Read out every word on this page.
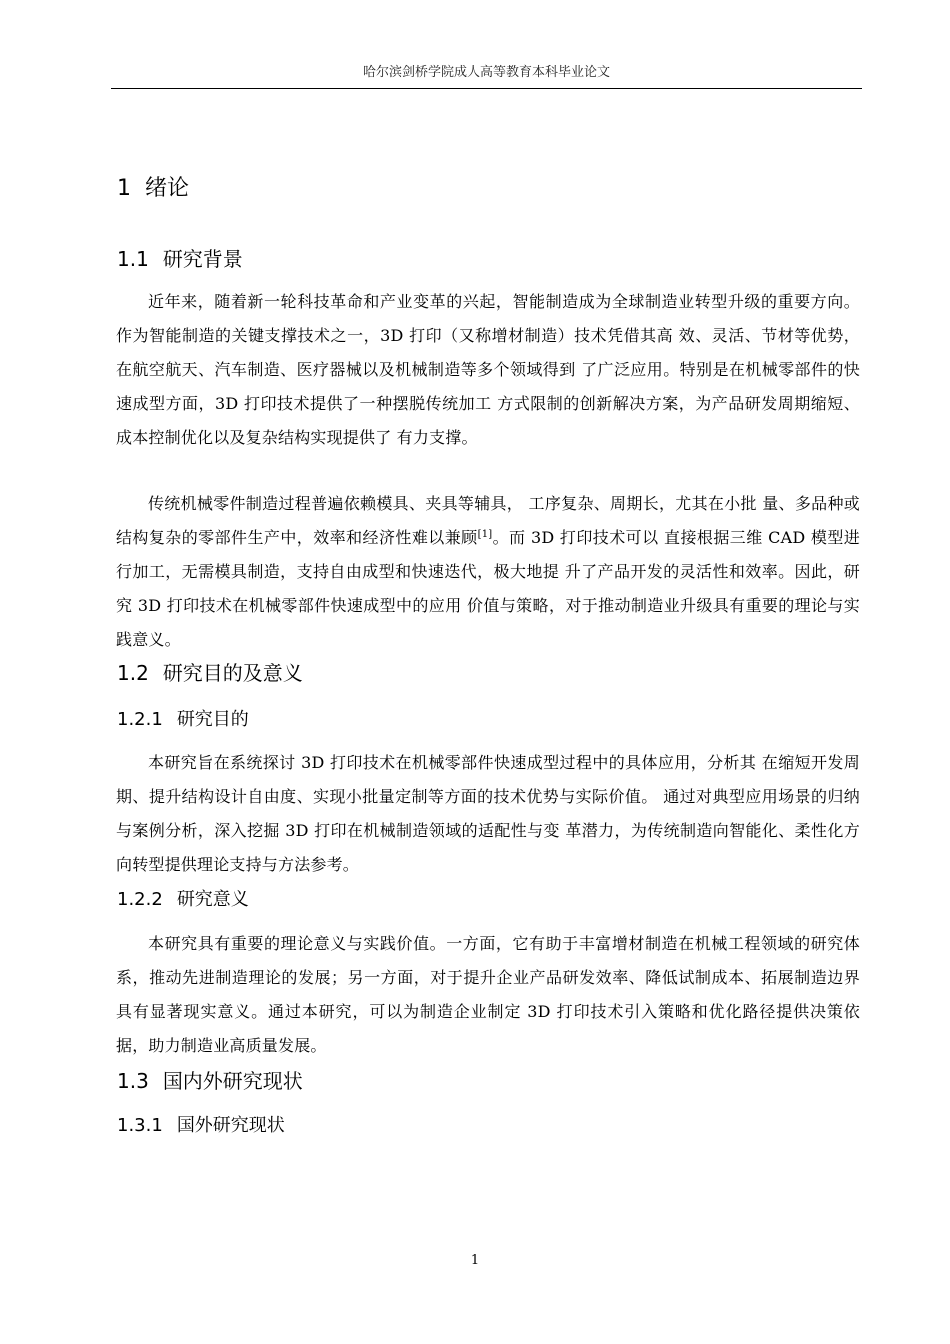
哈尔滨剑桥学院成人高等教育本科毕业论文
1 绪论
1.1 研究背景

近年来，随着新一轮科技革命和产业变革的兴起，智能制造成为全球制造业转型升级的重要方向。作为智能制造的关键支撑技术之一，3D 打印（又称增材制造）技术凭借其高 效、灵活、节材等优势，在航空航天、汽车制造、医疗器械以及机械制造等多个领域得到 了广泛应用。特别是在机械零部件的快速成型方面，3D 打印技术提供了一种摆脱传统加工 方式限制的创新解决方案，为产品研发周期缩短、成本控制优化以及复杂结构实现提供了 有力支撑。

传统机械零件制造过程普遍依赖模具、夹具等辅具， 工序复杂、周期长，尤其在小批 量、多品种或结构复杂的零部件生产中，效率和经济性难以兼顾[1]。而 3D 打印技术可以 直接根据三维 CAD 模型进行加工，无需模具制造，支持自由成型和快速迭代，极大地提 升了产品开发的灵活性和效率。因此，研究 3D 打印技术在机械零部件快速成型中的应用 价值与策略，对于推动制造业升级具有重要的理论与实践意义。

1.2 研究目的及意义
1.2.1 研究目的

本研究旨在系统探讨 3D 打印技术在机械零部件快速成型过程中的具体应用，分析其 在缩短开发周期、提升结构设计自由度、实现小批量定制等方面的技术优势与实际价值。 通过对典型应用场景的归纳与案例分析，深入挖掘 3D 打印在机械制造领域的适配性与变 革潜力，为传统制造向智能化、柔性化方向转型提供理论支持与方法参考。

1.2.2 研究意义

本研究具有重要的理论意义与实践价值。一方面，它有助于丰富增材制造在机械工程领域的研究体系，推动先进制造理论的发展；另一方面，对于提升企业产品研发效率、降低试制成本、拓展制造边界具有显著现实意义。通过本研究，可以为制造企业制定 3D 打印技术引入策略和优化路径提供决策依据，助力制造业高质量发展。

1.3 国内外研究现状
1.3.1 国外研究现状
1
